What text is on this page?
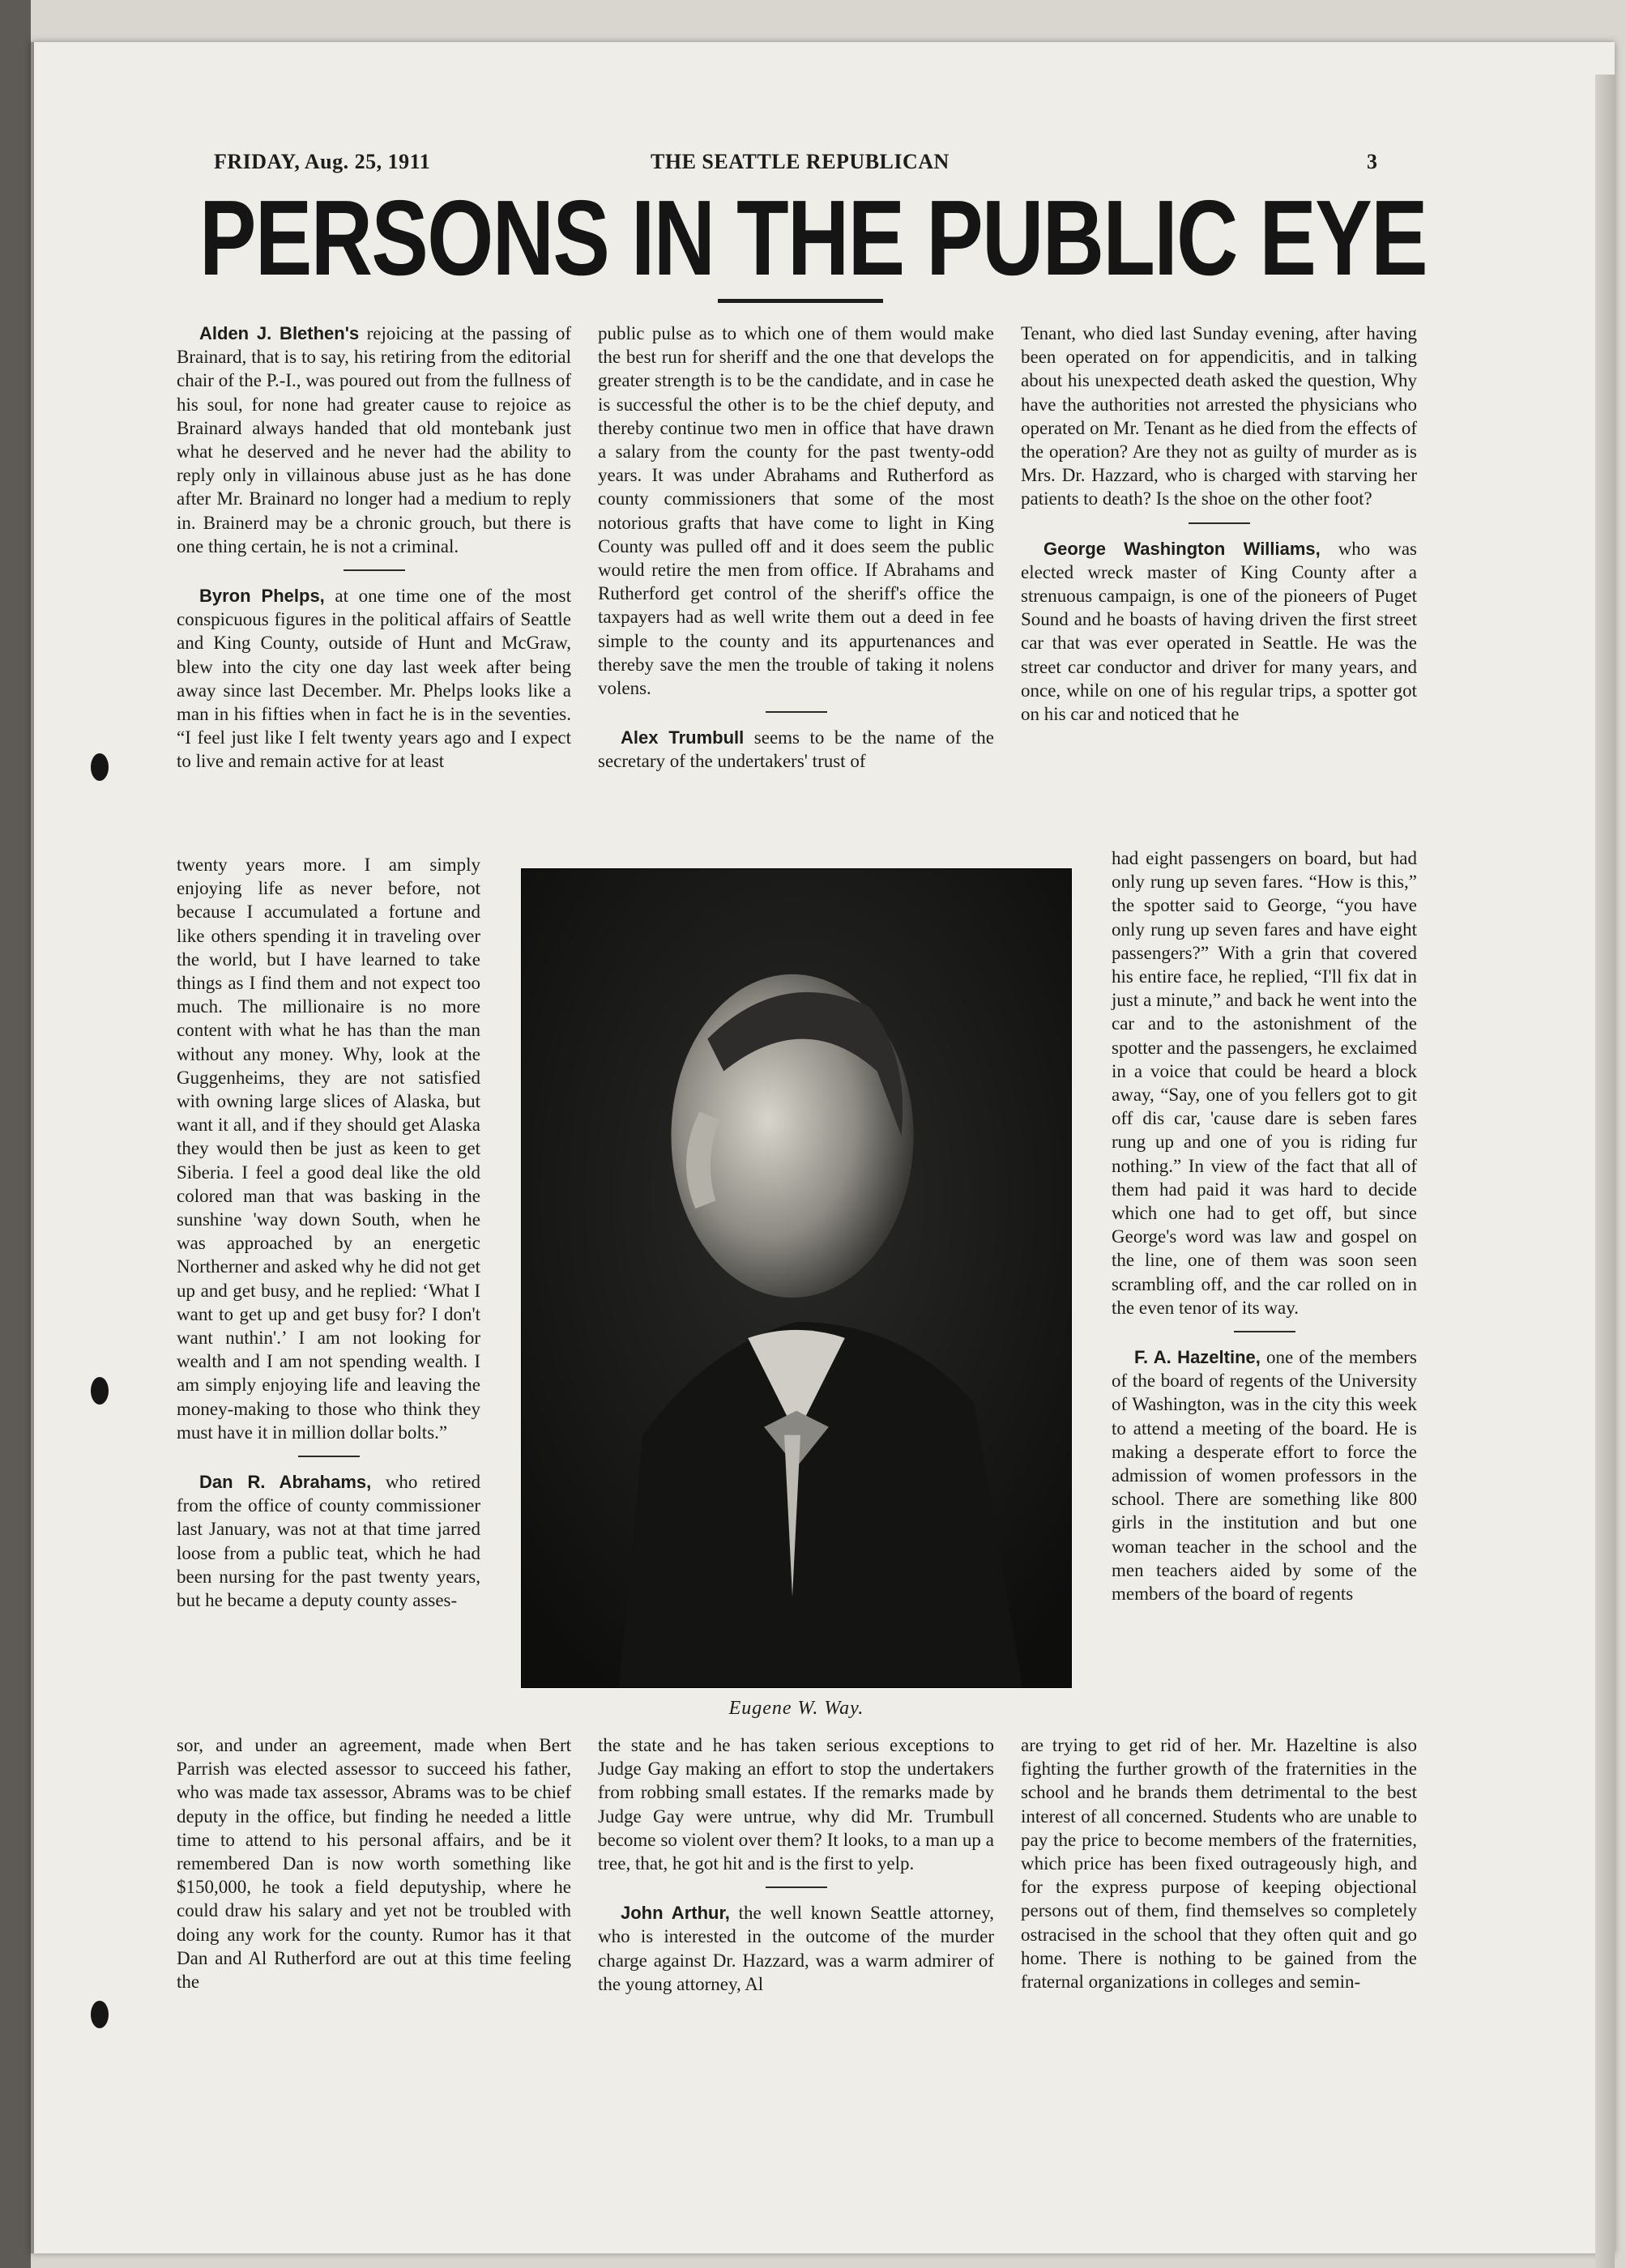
FRIDAY, Aug. 25, 1911	THE SEATTLE REPUBLICAN	3
PERSONS IN THE PUBLIC EYE

Alden J. Blethen's rejoicing at the passing of Brainard, that is to say, his retiring from the editorial chair of the P.-I., was poured out from the fullness of his soul, for none had greater cause to rejoice as Brainard always handed that old montebank just what he deserved and he never had the ability to reply only in villainous abuse just as he has done after Mr. Brainard no longer had a medium to reply in. Brainerd may be a chronic grouch, but there is one thing certain, he is not a criminal.

Byron Phelps, at one time one of the most conspicuous figures in the political affairs of Seattle and King County, outside of Hunt and McGraw, blew into the city one day last week after being away since last December. Mr. Phelps looks like a man in his fifties when in fact he is in the seventies. “I feel just like I felt twenty years ago and I expect to live and remain active for at least

twenty years more. I am simply enjoying life as never before, not because I accumulated a fortune and like others spending it in traveling over the world, but I have learned to take things as I find them and not expect too much. The millionaire is no more content with what he has than the man without any money. Why, look at the Guggenheims, they are not satisfied with owning large slices of Alaska, but want it all, and if they should get Alaska they would then be just as keen to get Siberia. I feel a good deal like the old colored man that was basking in the sunshine 'way down South, when he was approached by an energetic Northerner and asked why he did not get up and get busy, and he replied: ‘What I want to get up and get busy for? I don't want nuthin'.’ I am not looking for wealth and I am not spending wealth. I am simply enjoying life and leaving the money-making to those who think they must have it in million dollar bolts.”

Dan R. Abrahams, who retired from the office of county commissioner last January, was not at that time jarred loose from a public teat, which he had been nursing for the past twenty years, but he became a deputy county asses-

sor, and under an agreement, made when Bert Parrish was elected assessor to succeed his father, who was made tax assessor, Abrams was to be chief deputy in the office, but finding he needed a little time to attend to his personal affairs, and be it remembered Dan is now worth something like $150,000, he took a field deputyship, where he could draw his salary and yet not be troubled with doing any work for the county. Rumor has it that Dan and Al Rutherford are out at this time feeling the

public pulse as to which one of them would make the best run for sheriff and the one that develops the greater strength is to be the candidate, and in case he is successful the other is to be the chief deputy, and thereby continue two men in office that have drawn a salary from the county for the past twenty-odd years. It was under Abrahams and Rutherford as county commissioners that some of the most notorious grafts that have come to light in King County was pulled off and it does seem the public would retire the men from office. If Abrahams and Rutherford get control of the sheriff's office the taxpayers had as well write them out a deed in fee simple to the county and its appurtenances and thereby save the men the trouble of taking it nolens volens.

Alex Trumbull seems to be the name of the secretary of the undertakers' trust of

Eugene W. Way.

the state and he has taken serious exceptions to Judge Gay making an effort to stop the undertakers from robbing small estates. If the remarks made by Judge Gay were untrue, why did Mr. Trumbull become so violent over them? It looks, to a man up a tree, that, he got hit and is the first to yelp.

John Arthur, the well known Seattle attorney, who is interested in the outcome of the murder charge against Dr. Hazzard, was a warm admirer of the young attorney, Al

Tenant, who died last Sunday evening, after having been operated on for appendicitis, and in talking about his unexpected death asked the question, Why have the authorities not arrested the physicians who operated on Mr. Tenant as he died from the effects of the operation? Are they not as guilty of murder as is Mrs. Dr. Hazzard, who is charged with starving her patients to death? Is the shoe on the other foot?

George Washington Williams, who was elected wreck master of King County after a strenuous campaign, is one of the pioneers of Puget Sound and he boasts of having driven the first street car that was ever operated in Seattle. He was the street car conductor and driver for many years, and once, while on one of his regular trips, a spotter got on his car and noticed that he

had eight passengers on board, but had only rung up seven fares. “How is this,” the spotter said to George, “you have only rung up seven fares and have eight passengers?” With a grin that covered his entire face, he replied, “I'll fix dat in just a minute,” and back he went into the car and to the astonishment of the spotter and the passengers, he exclaimed in a voice that could be heard a block away, “Say, one of you fellers got to git off dis car, 'cause dare is seben fares rung up and one of you is riding fur nothing.” In view of the fact that all of them had paid it was hard to decide which one had to get off, but since George's word was law and gospel on the line, one of them was soon seen scrambling off, and the car rolled on in the even tenor of its way.

F. A. Hazeltine, one of the members of the board of regents of the University of Washington, was in the city this week to attend a meeting of the board. He is making a desperate effort to force the admission of women professors in the school. There are something like 800 girls in the institution and but one woman teacher in the school and the men teachers aided by some of the members of the board of regents

are trying to get rid of her. Mr. Hazeltine is also fighting the further growth of the fraternities in the school and he brands them detrimental to the best interest of all concerned. Students who are unable to pay the price to become members of the fraternities, which price has been fixed outrageously high, and for the express purpose of keeping objectional persons out of them, find themselves so completely ostracised in the school that they often quit and go home. There is nothing to be gained from the fraternal organizations in colleges and semin-
